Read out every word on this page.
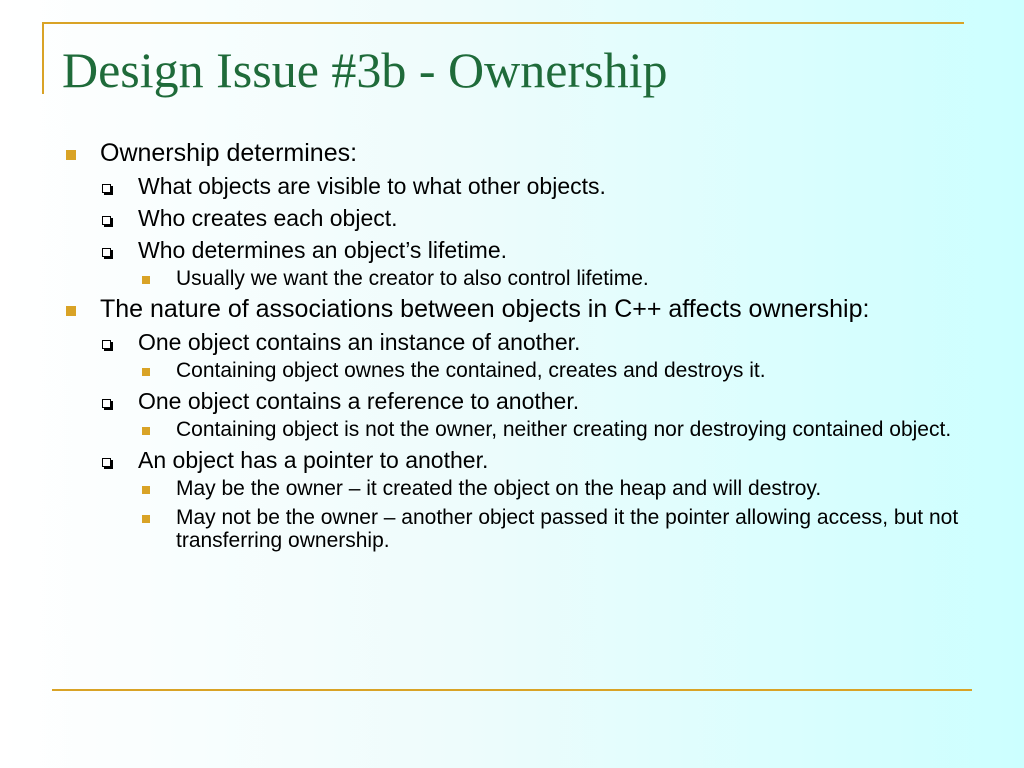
Design Issue #3b - Ownership
Ownership determines:
What objects are visible to what other objects.
Who creates each object.
Who determines an object’s lifetime.
Usually we want the creator to also control lifetime.
The nature of associations between objects in C++ affects ownership:
One object contains an instance of another.
Containing object ownes the contained, creates and destroys it.
One object contains a reference to another.
Containing object is not the owner, neither creating nor destroying contained object.
An object has a pointer to another.
May be the owner – it created the object on the heap and will destroy.
May not be the owner – another object passed it the pointer allowing access, but not transferring ownership.
